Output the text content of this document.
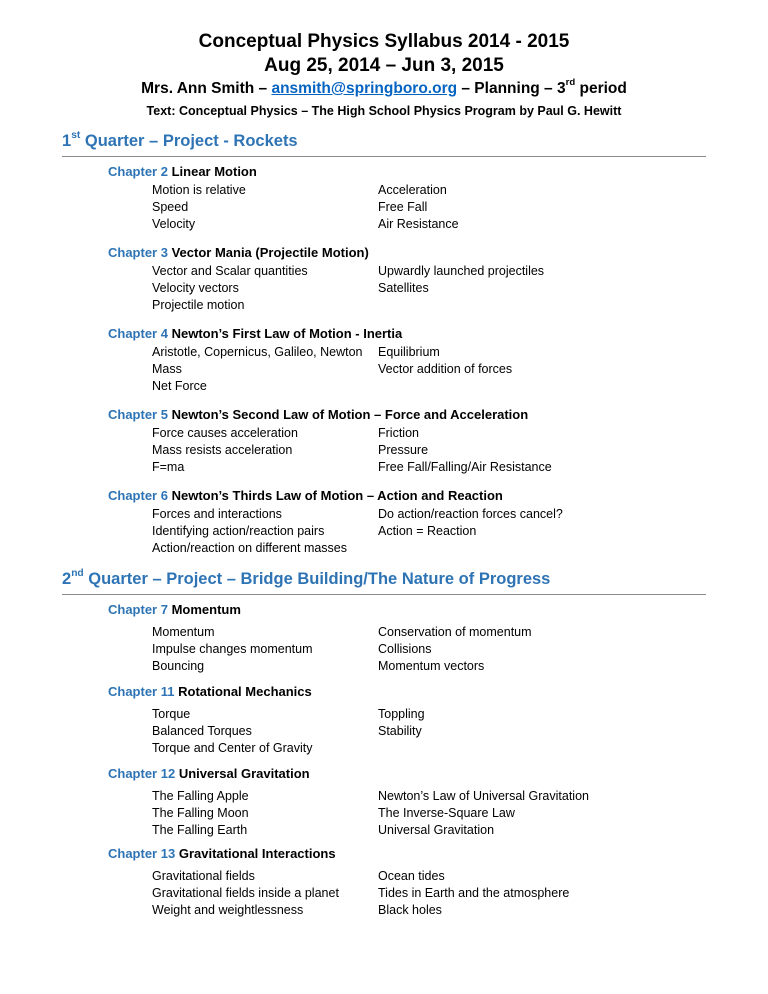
Conceptual Physics Syllabus 2014 - 2015
Aug 25, 2014 – Jun 3, 2015
Mrs. Ann Smith – ansmith@springboro.org – Planning – 3rd period
Text: Conceptual Physics – The High School Physics Program by Paul G. Hewitt
1st Quarter – Project - Rockets
2nd Quarter – Project – Bridge Building/The Nature of Progress
Chapter 2 Linear Motion
Motion is relative
Speed
Velocity
Acceleration
Free Fall
Air Resistance
Chapter 3 Vector Mania (Projectile Motion)
Vector and Scalar quantities
Velocity vectors
Projectile motion
Upwardly launched projectiles
Satellites
Chapter 4 Newton’s First Law of Motion - Inertia
Aristotle, Copernicus, Galileo, Newton
Mass
Net Force
Equilibrium
Vector addition of forces
Chapter 5 Newton’s Second Law of Motion – Force and Acceleration
Force causes acceleration
Mass resists acceleration
F=ma
Friction
Pressure
Free Fall/Falling/Air Resistance
Chapter 6 Newton’s Thirds Law of Motion – Action and Reaction
Forces and interactions
Identifying action/reaction pairs
Action/reaction on different masses
Do action/reaction forces cancel?
Action = Reaction
Chapter 7 Momentum
Momentum
Impulse changes momentum
Bouncing
Conservation of momentum
Collisions
Momentum vectors
Chapter 11 Rotational Mechanics
Torque
Balanced Torques
Torque and Center of Gravity
Toppling
Stability
Chapter 12 Universal Gravitation
The Falling Apple
The Falling Moon
The Falling Earth
Newton’s Law of Universal Gravitation
The Inverse-Square Law
Universal Gravitation
Chapter 13 Gravitational Interactions
Gravitational fields
Gravitational fields inside a planet
Weight and weightlessness
Ocean tides
Tides in Earth and the atmosphere
Black holes
